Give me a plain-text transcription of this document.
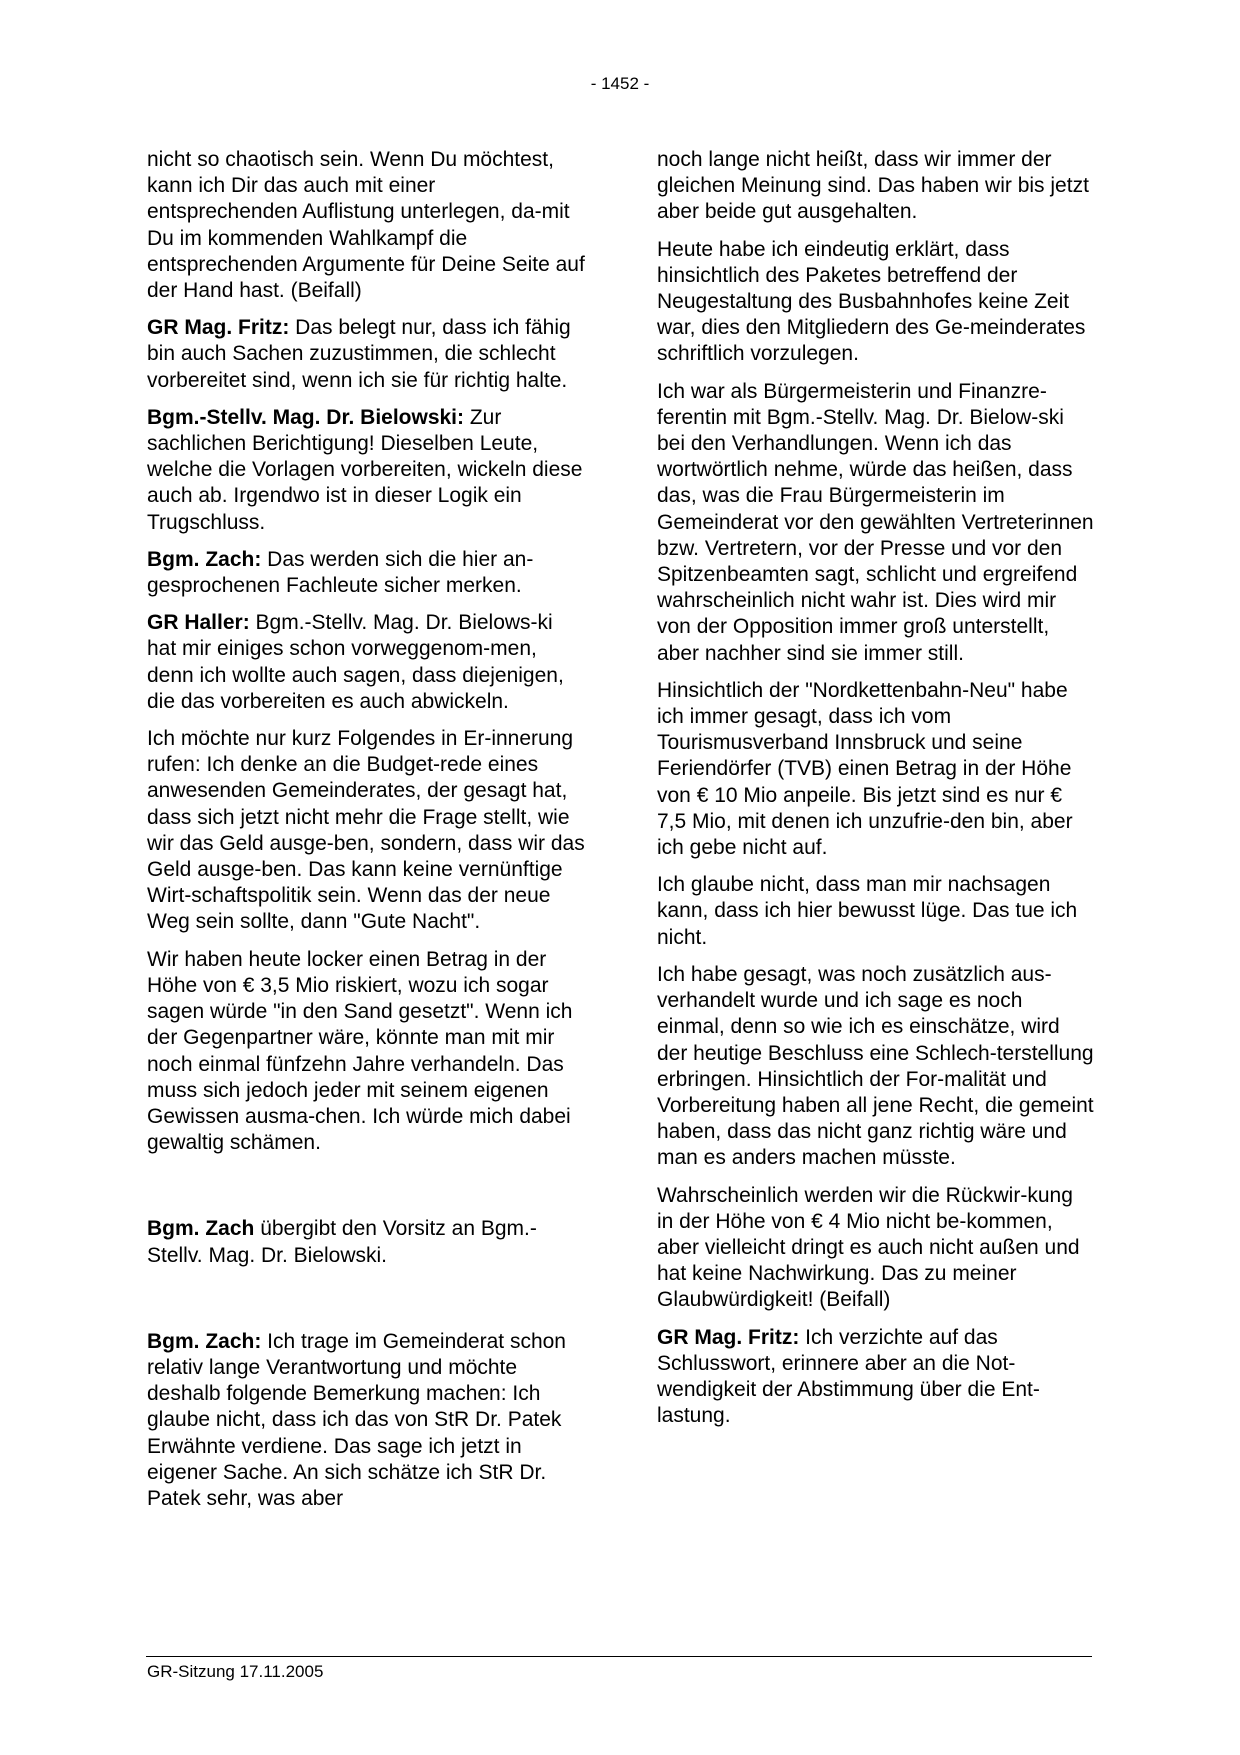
- 1452 -

nicht so chaotisch sein. Wenn Du möchtest, kann ich Dir das auch mit einer entsprechenden Auflistung unterlegen, da-mit Du im kommenden Wahlkampf die entsprechenden Argumente für Deine Seite auf der Hand hast. (Beifall)

GR Mag. Fritz: Das belegt nur, dass ich fähig bin auch Sachen zuzustimmen, die schlecht vorbereitet sind, wenn ich sie für richtig halte.

Bgm.-Stellv. Mag. Dr. Bielowski: Zur sachlichen Berichtigung! Dieselben Leute, welche die Vorlagen vorbereiten, wickeln diese auch ab. Irgendwo ist in dieser Logik ein Trugschluss.

Bgm. Zach: Das werden sich die hier an-gesprochenen Fachleute sicher merken.

GR Haller: Bgm.-Stellv. Mag. Dr. Bielows-ki hat mir einiges schon vorweggenom-men, denn ich wollte auch sagen, dass diejenigen, die das vorbereiten es auch abwickeln.

Ich möchte nur kurz Folgendes in Er-innerung rufen: Ich denke an die Budget-rede eines anwesenden Gemeinderates, der gesagt hat, dass sich jetzt nicht mehr die Frage stellt, wie wir das Geld ausge-ben, sondern, dass wir das Geld ausge-ben. Das kann keine vernünftige Wirt-schaftspolitik sein. Wenn das der neue Weg sein sollte, dann "Gute Nacht".

Wir haben heute locker einen Betrag in der Höhe von € 3,5 Mio riskiert, wozu ich sogar sagen würde "in den Sand gesetzt". Wenn ich der Gegenpartner wäre, könnte man mit mir noch einmal fünfzehn Jahre verhandeln. Das muss sich jedoch jeder mit seinem eigenen Gewissen ausma-chen. Ich würde mich dabei gewaltig schämen.

Bgm. Zach übergibt den Vorsitz an Bgm.-Stellv. Mag. Dr. Bielowski.

Bgm. Zach: Ich trage im Gemeinderat schon relativ lange Verantwortung und möchte deshalb folgende Bemerkung machen: Ich glaube nicht, dass ich das von StR Dr. Patek Erwähnte verdiene. Das sage ich jetzt in eigener Sache. An sich schätze ich StR Dr. Patek sehr, was aber

noch lange nicht heißt, dass wir immer der gleichen Meinung sind. Das haben wir bis jetzt aber beide gut ausgehalten.

Heute habe ich eindeutig erklärt, dass hinsichtlich des Paketes betreffend der Neugestaltung des Busbahnhofes keine Zeit war, dies den Mitgliedern des Ge-meinderates schriftlich vorzulegen.

Ich war als Bürgermeisterin und Finanzre-ferentin mit Bgm.-Stellv. Mag. Dr. Bielow-ski bei den Verhandlungen. Wenn ich das wortwörtlich nehme, würde das heißen, dass das, was die Frau Bürgermeisterin im Gemeinderat vor den gewählten Vertreterinnen bzw. Vertretern, vor der Presse und vor den Spitzenbeamten sagt, schlicht und ergreifend wahrscheinlich nicht wahr ist. Dies wird mir von der Opposition immer groß unterstellt, aber nachher sind sie immer still.

Hinsichtlich der "Nordkettenbahn-Neu" habe ich immer gesagt, dass ich vom Tourismusverband Innsbruck und seine Feriendörfer (TVB) einen Betrag in der Höhe von € 10 Mio anpeile. Bis jetzt sind es nur € 7,5 Mio, mit denen ich unzufrie-den bin, aber ich gebe nicht auf.

Ich glaube nicht, dass man mir nachsagen kann, dass ich hier bewusst lüge. Das tue ich nicht.

Ich habe gesagt, was noch zusätzlich aus-verhandelt wurde und ich sage es noch einmal, denn so wie ich es einschätze, wird der heutige Beschluss eine Schlech-terstellung erbringen. Hinsichtlich der For-malität und Vorbereitung haben all jene Recht, die gemeint haben, dass das nicht ganz richtig wäre und man es anders machen müsste.

Wahrscheinlich werden wir die Rückwir-kung in der Höhe von € 4 Mio nicht be-kommen, aber vielleicht dringt es auch nicht außen und hat keine Nachwirkung. Das zu meiner Glaubwürdigkeit! (Beifall)

GR Mag. Fritz: Ich verzichte auf das Schlusswort, erinnere aber an die Not-wendigkeit der Abstimmung über die Ent-lastung.

GR-Sitzung 17.11.2005
